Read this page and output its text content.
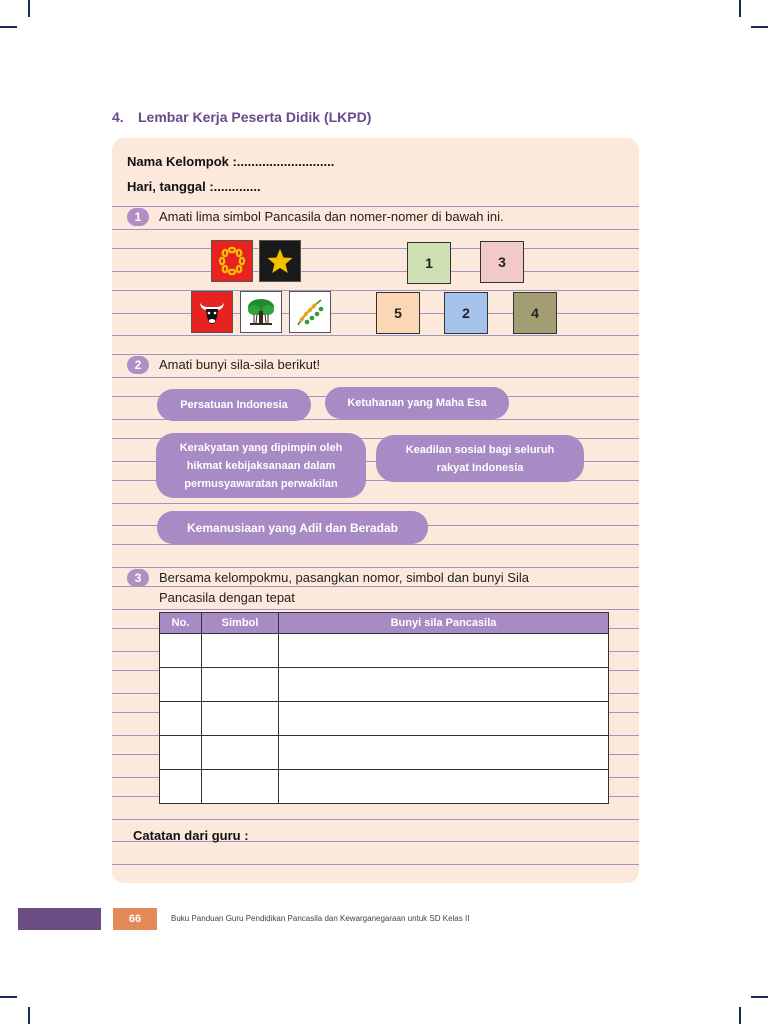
4. Lembar Kerja Peserta Didik (LKPD)
Nama Kelompok :...........................
Hari, tanggal :.............
1	Amati lima simbol Pancasila dan nomer-nomer di bawah ini.
1	3
5	2	4
2	Amati bunyi sila-sila berikut!
Persatuan Indonesia	Ketuhanan yang Maha Esa
Kerakyatan yang dipimpin oleh hikmat kebijaksanaan dalam permusyawaratan perwakilan
Keadilan sosial bagi seluruh rakyat Indonesia
Kemanusiaan yang Adil dan Beradab
3	Bersama kelompokmu, pasangkan nomor, simbol dan bunyi Sila
Pancasila dengan tepat
No.	Simbol	Bunyi sila Pancasila

Catatan dari guru :
66	Buku Panduan Guru Pendidikan Pancasila dan Kewarganegaraan untuk SD Kelas II
